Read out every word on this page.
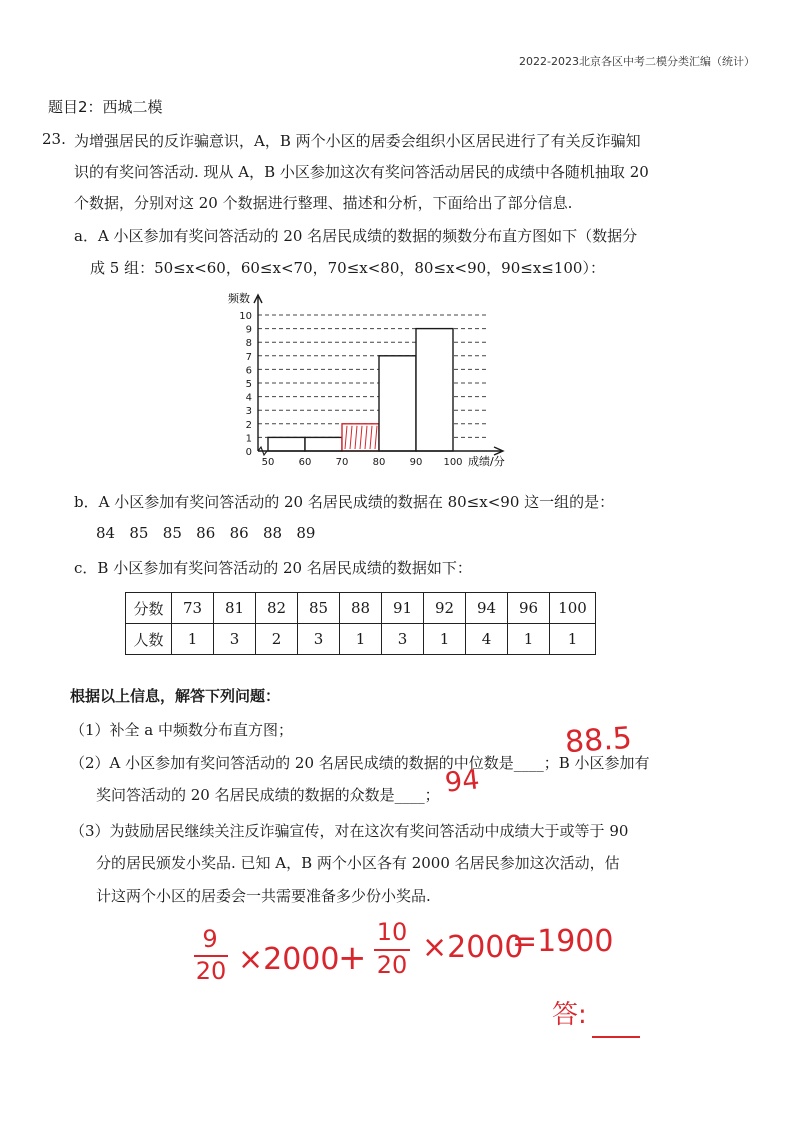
2022-2023北京各区中考二模分类汇编（统计）
题目2：西城二模
23. 为增强居民的反诈骗意识，A，B 两个小区的居委会组织小区居民进行了有关反诈骗知
识的有奖问答活动. 现从 A，B 小区参加这次有奖问答活动居民的成绩中各随机抽取 20
个数据，分别对这 20 个数据进行整理、描述和分析，下面给出了部分信息.
a．A 小区参加有奖问答活动的 20 名居民成绩的数据的频数分布直方图如下（数据分
成 5 组：50≤x<60，60≤x<70，70≤x<80，80≤x<90，90≤x≤100）：
0
1
2
3
4
5
6
7
8
9
10
50 60 70 80 90 100
频数
成绩/分
b．A 小区参加有奖问答活动的 20 名居民成绩的数据在 80≤x<90 这一组的是：
84   85   85   86   86   88   89
c．B 小区参加有奖问答活动的 20 名居民成绩的数据如下：
分数	73	81	82	85	88	91	92	94	96	100
人数	1	3	2	3	1	3	1	4	1	1
根据以上信息，解答下列问题：
（1）补全 a 中频数分布直方图；
（2）A 小区参加有奖问答活动的 20 名居民成绩的数据的中位数是____；B 小区参加有
奖问答活动的 20 名居民成绩的数据的众数是____；
（3）为鼓励居民继续关注反诈骗宣传，对在这次有奖问答活动中成绩大于或等于 90
分的居民颁发小奖品. 已知 A，B 两个小区各有 2000 名居民参加这次活动，估
计这两个小区的居委会一共需要准备多少份小奖品.
88.5
94
9
20 ×2000
+
10
20 ×2000
=1900
答:
